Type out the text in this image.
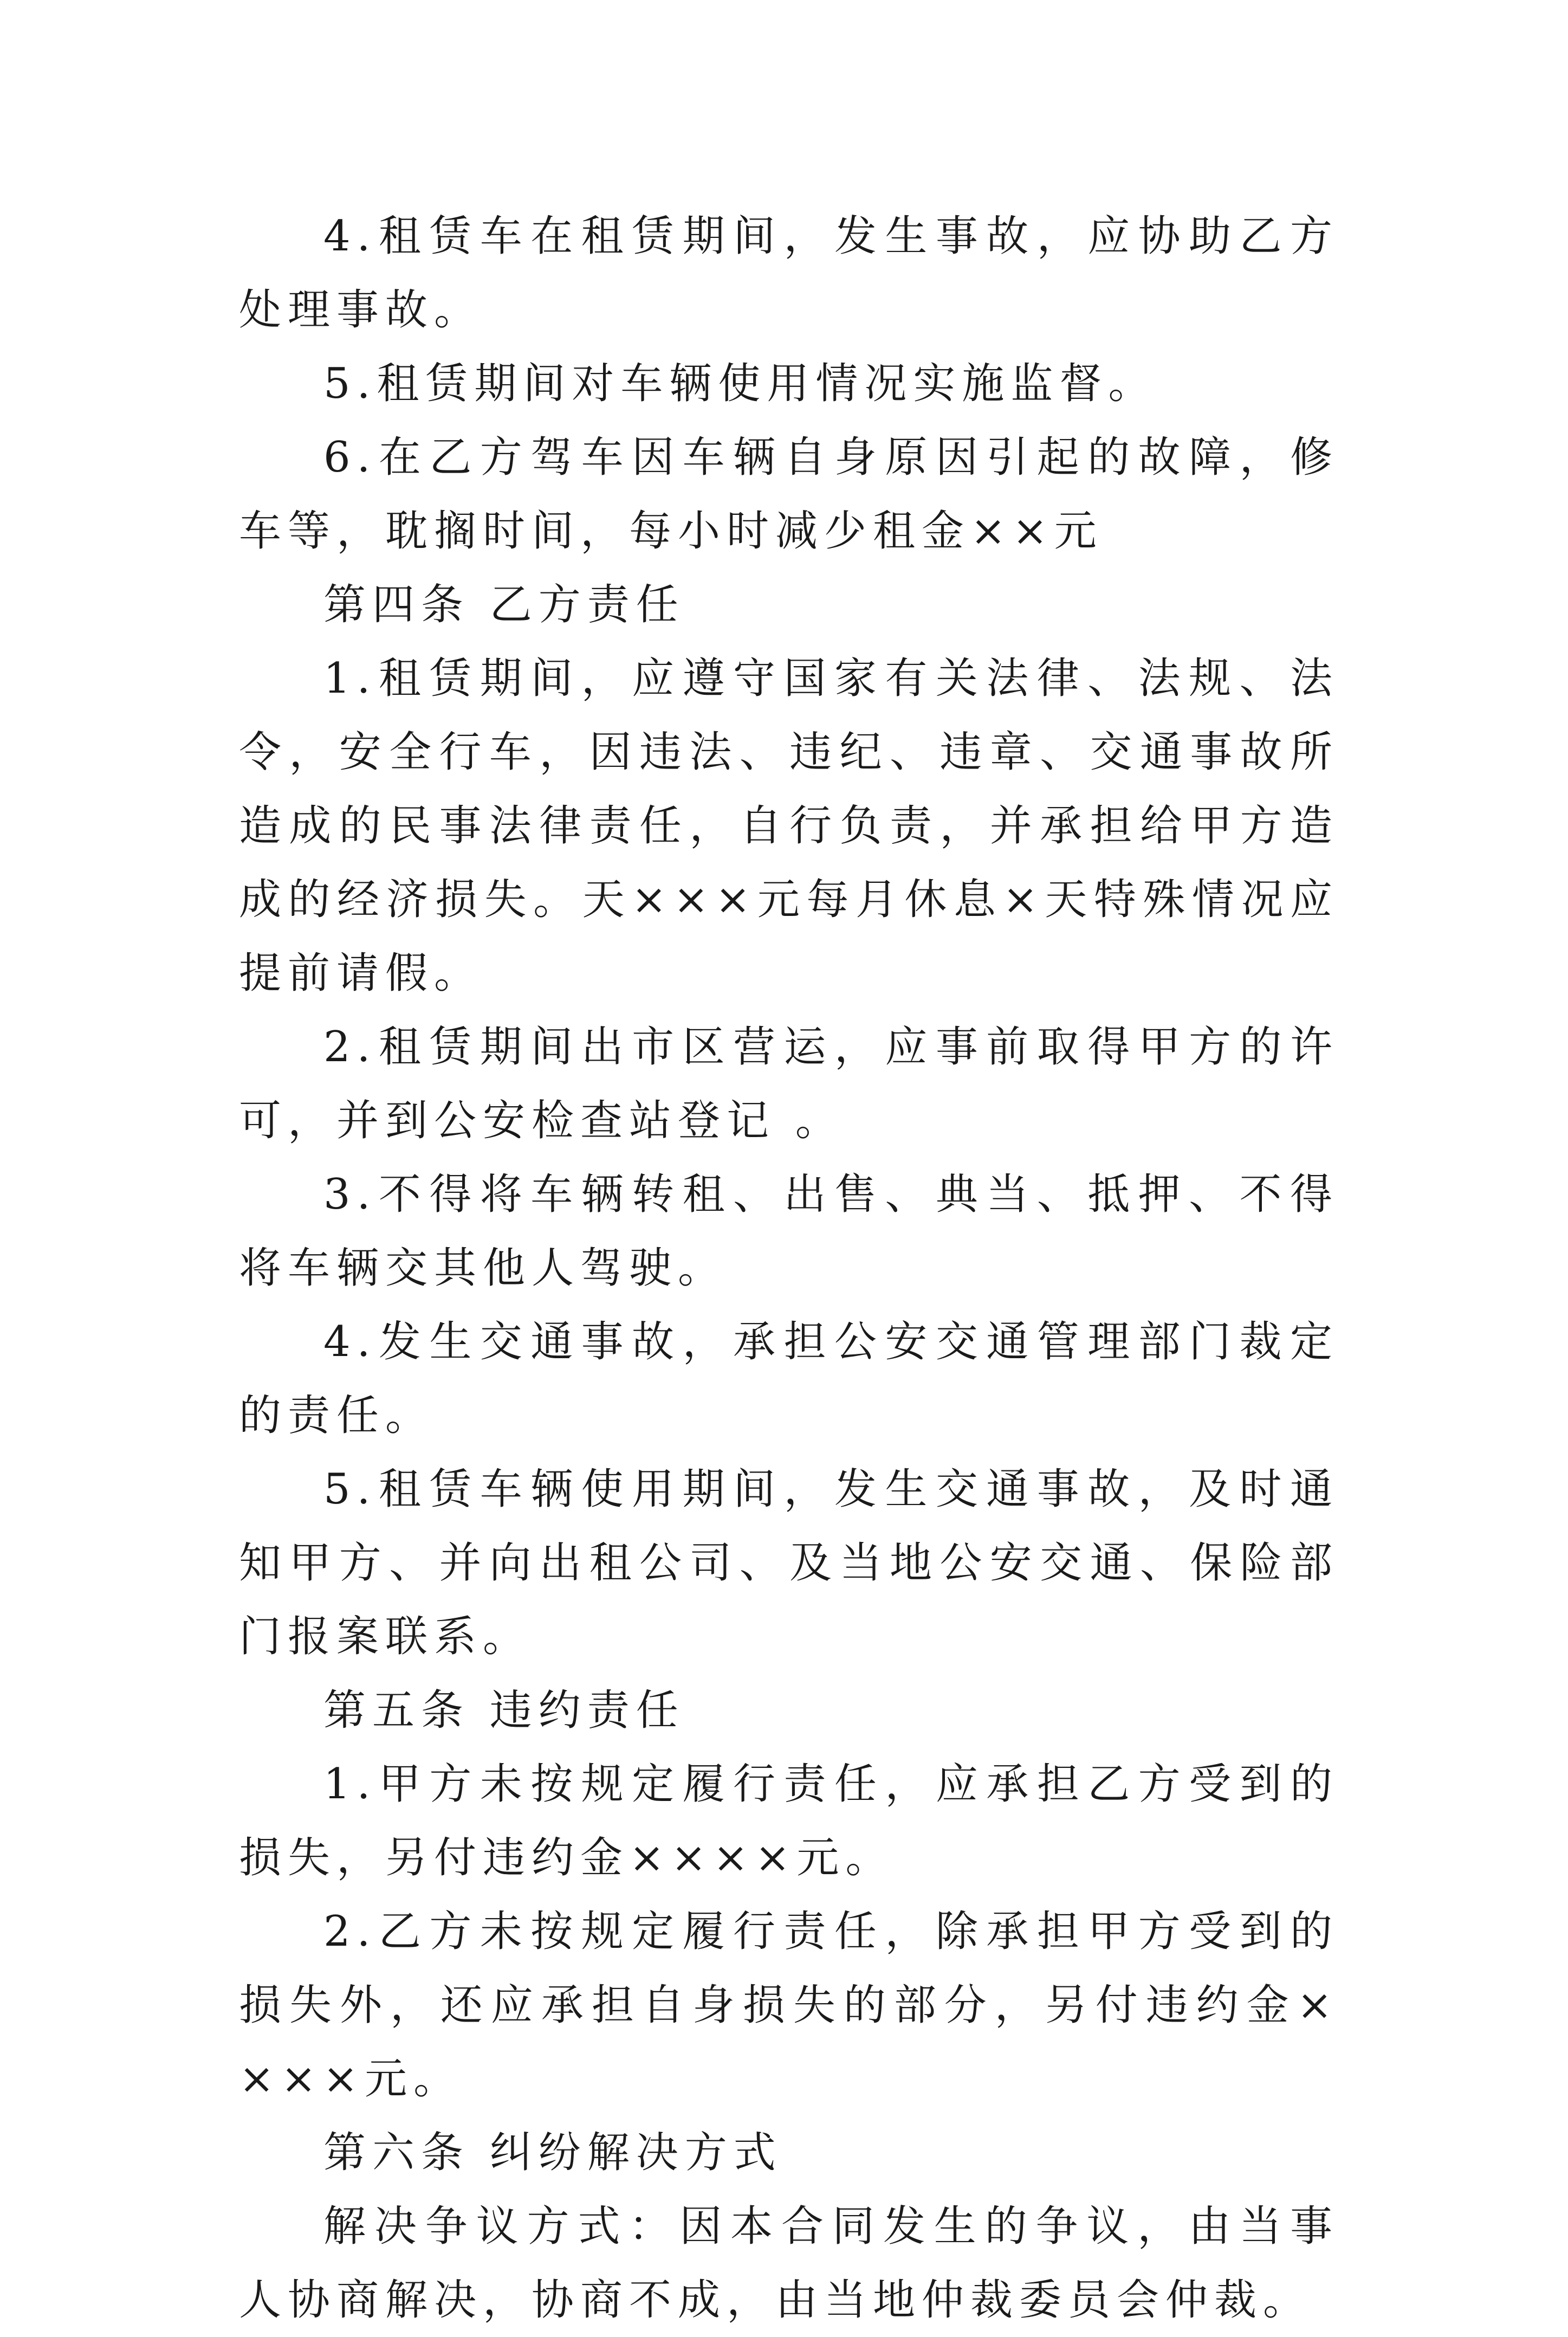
4.租赁车在租赁期间，发生事故，应协助乙方处理事故。

5.租赁期间对车辆使用情况实施监督。

6.在乙方驾车因车辆自身原因引起的故障，修车等，耽搁时间，每小时减少租金××元

第四条 乙方责任

1.租赁期间，应遵守国家有关法律、法规、法令，安全行车，因违法、违纪、违章、交通事故所造成的民事法律责任，自行负责，并承担给甲方造成的经济损失。天×××元每月休息×天特殊情况应提前请假。

2.租赁期间出市区营运，应事前取得甲方的许可，并到公安检查站登记 。

3.不得将车辆转租、出售、典当、抵押、不得将车辆交其他人驾驶。

4.发生交通事故，承担公安交通管理部门裁定的责任。

5.租赁车辆使用期间，发生交通事故，及时通知甲方、并向出租公司、及当地公安交通、保险部门报案联系。

第五条 违约责任

1.甲方未按规定履行责任，应承担乙方受到的损失，另付违约金××××元。

2.乙方未按规定履行责任，除承担甲方受到的损失外，还应承担自身损失的部分，另付违约金××××元。

第六条 纠纷解决方式

解决争议方式：因本合同发生的争议，由当事人协商解决，协商不成，由当地仲裁委员会仲裁。
